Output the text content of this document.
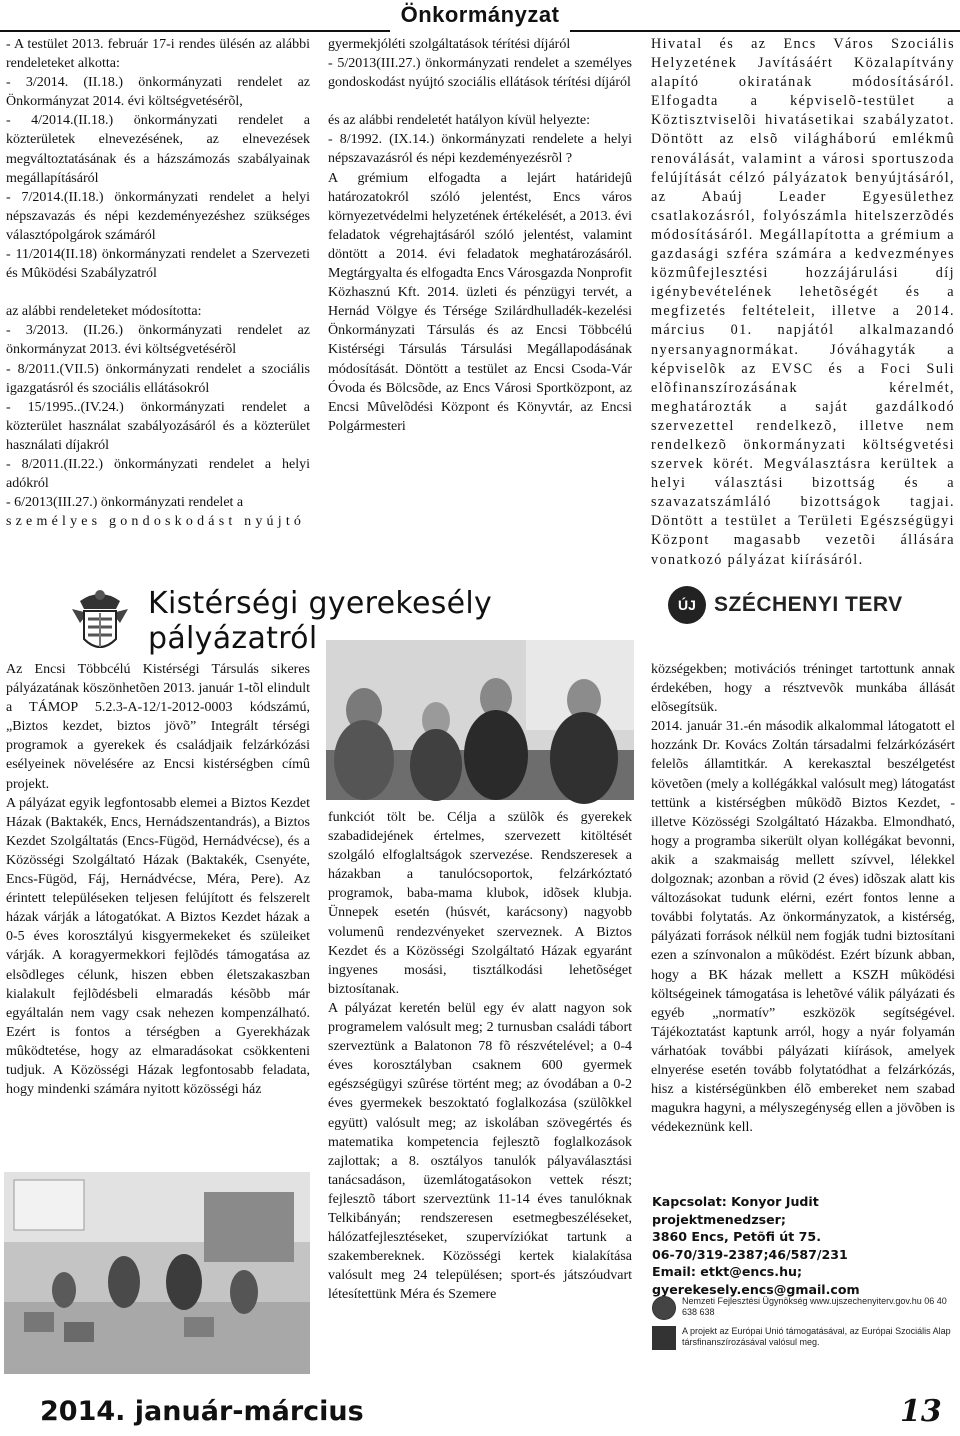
Önkormányzat

- A testület 2013. február 17-i rendes ülésén az alábbi rendeleteket alkotta:

- 3/2014. (II.18.) önkormányzati rendelet az Önkormányzat 2014. évi költségvetésérõl,

- 4/2014.(II.18.) önkormányzati rendelet a közterületek elnevezésének, az elnevezések megváltoztatásának és a házszámozás szabályainak megállapításáról

- 7/2014.(II.18.) önkormányzati rendelet a helyi népszavazás és népi kezdeményezéshez szükséges választópolgárok számáról

- 11/2014(II.18) önkormányzati rendelet a Szervezeti és Mûködési Szabályzatról

az alábbi rendeleteket módosította:

- 3/2013. (II.26.) önkormányzati rendelet az önkormányzat 2013. évi költségvetésérõl

- 8/2011.(VII.5) önkormányzati rendelet a szociális igazgatásról és szociális ellátásokról

- 15/1995..(IV.24.) önkormányzati rendelet a közterület használat szabályozásáról és a közterület használati díjakról

- 8/2011.(II.22.) önkormányzati rendelet a helyi adókról

- 6/2013(III.27.) önkormányzati rendelet a

személyes gondoskodást nyújtó

gyermekjóléti szolgáltatások térítési díjáról

- 5/2013(III.27.) önkormányzati rendelet a személyes gondoskodást nyújtó szociális ellátások térítési díjáról

és az alábbi rendeletét hatályon kívül helyezte:

- 8/1992. (IX.14.) önkormányzati rendelete a helyi népszavazásról és népi kezdeményezésrõl ?

A grémium elfogadta a lejárt határidejû határozatokról szóló jelentést, Encs város környezetvédelmi helyzetének értékelését, a 2013. évi feladatok végrehajtásáról szóló jelentést, valamint döntött a 2014. évi feladatok meghatározásáról. Megtárgyalta és elfogadta Encs Városgazda Nonprofit Közhasznú Kft. 2014. üzleti és pénzügyi tervét, a Hernád Völgye és Térsége Szilárdhulladék-kezelési Önkormányzati Társulás és az Encsi Többcélú Kistérségi Társulás Társulási Megállapodásának módosítását. Döntött a testület az Encsi Csoda-Vár Óvoda és Bölcsõde, az Encs Városi Sportközpont, az Encsi Mûvelõdési Központ és Könyvtár, az Encsi Polgármesteri

Hivatal és az Encs Város Szociális Helyzetének Javításáért Közalapítvány alapító okiratának módosításáról. Elfogadta a képviselõ-testület a Köztisztviselõi hivatásetikai szabályzatot. Döntött az elsõ világháború emlékmû renoválását, valamint a városi sportuszoda felújítását célzó pályázatok benyújtásáról, az Abaúj Leader Egyesülethez csatlakozásról, folyószámla hitelszerzõdés módosításáról. Megállapította a grémium a gazdasági szféra számára a kedvezményes közmûfejlesztési hozzájárulási díj igénybevételének lehetõségét és a megfizetés feltételeit, illetve a 2014. március 01. napjától alkalmazandó nyersanyagnormákat. Jóváhagyták a képviselõk az EVSC és a Foci Suli elõfinanszírozásának kérelmét, meghatározták a saját gazdálkodó szervezettel rendelkezõ, illetve nem rendelkezõ önkormányzati költségvetési szervek körét. Megválasztásra kerültek a helyi választási bizottság és a szavazatszámláló bizottságok tagjai. Döntött a testület a Területi Egészségügyi Központ magasabb vezetõi állására vonatkozó pályázat kiírásáról.

Kistérségi gyerekesély pályázatról
ÚJ SZÉCHENYI TERV

Az Encsi Többcélú Kistérségi Társulás sikeres pályázatának köszönhetõen 2013. január 1-tõl elindult a TÁMOP 5.2.3-A-12/1-2012-0003 kódszámú, „Biztos kezdet, biztos jövõ” Integrált térségi programok a gyerekek és családjaik felzárkózási esélyeinek növelésére az Encsi kistérségben címû projekt.

A pályázat egyik legfontosabb elemei a Biztos Kezdet Házak (Baktakék, Encs, Hernádszentandrás), a Biztos Kezdet Szolgáltatás (Encs-Fügöd, Hernádvécse), és a Közösségi Szolgáltató Házak (Baktakék, Csenyéte, Encs-Fügöd, Fáj, Hernádvécse, Méra, Pere). Az érintett településeken teljesen felújított és felszerelt házak várják a látogatókat. A Biztos Kezdet házak a 0-5 éves korosztályú kisgyermekeket és szüleiket várják. A koragyermekkori fejlõdés támogatása az elsõdleges célunk, hiszen ebben életszakaszban kialakult fejlõdésbeli elmaradás késõbb már egyáltalán nem vagy csak nehezen kompenzálható. Ezért is fontos a térségben a Gyerekházak mûködtetése, hogy az elmaradásokat csökkenteni tudjuk. A Közösségi Házak legfontosabb feladata, hogy mindenki számára nyitott közösségi ház

funkciót tölt be. Célja a szülõk és gyerekek szabadidejének értelmes, szervezett kitöltését szolgáló elfoglaltságok szervezése. Rendszeresek a házakban a tanulócsoportok, felzárkóztató programok, baba-mama klubok, idõsek klubja. Ünnepek esetén (húsvét, karácsony) nagyobb volumenû rendezvényeket szerveznek. A Biztos Kezdet és a Közösségi Szolgáltató Házak egyaránt ingyenes mosási, tisztálkodási lehetõséget biztosítanak.

A pályázat keretén belül egy év alatt nagyon sok programelem valósult meg; 2 turnusban családi tábort szerveztünk a Balatonon 78 fõ részvételével; a 0-4 éves korosztályban csaknem 600 gyermek egészségügyi szûrése történt meg; az óvodában a 0-2 éves gyermekek beszoktató foglalkozása (szülõkkel együtt) valósult meg; az iskolában szövegértés és matematika kompetencia fejlesztõ foglalkozások zajlottak; a 8. osztályos tanulók pályaválasztási tanácsadáson, üzemlátogatásokon vettek részt; fejlesztõ tábort szerveztünk 11-14 éves tanulóknak Telkibányán; rendszeresen esetmegbeszéléseket, hálózatfejlesztéseket, szupervíziókat tartunk a szakembereknek. Közösségi kertek kialakítása valósult meg 24 településen; sport-és játszóudvart létesítettünk Méra és Szemere

községekben; motivációs tréninget tartottunk annak érdekében, hogy a résztvevõk munkába állását elõsegítsük.

2014. január 31.-én második alkalommal látogatott el hozzánk Dr. Kovács Zoltán társadalmi felzárkózásért felelõs államtitkár. A kerekasztal beszélgetést követõen (mely a kollégákkal valósult meg) látogatást tettünk a kistérségben mûködõ Biztos Kezdet, - illetve Közösségi Szolgáltató Házakba. Elmondható, hogy a programba sikerült olyan kollégákat bevonni, akik a szakmaiság mellett szívvel, lélekkel dolgoznak; azonban a rövid (2 éves) idõszak alatt kis változásokat tudunk elérni, ezért fontos lenne a további folytatás. Az önkormányzatok, a kistérség, pályázati források nélkül nem fogják tudni biztosítani ezen a színvonalon a mûködést. Ezért bízunk abban, hogy a BK házak mellett a KSZH mûködési költségeinek támogatása is lehetõvé válik pályázati és egyéb „normatív” eszközök segítségével. Tájékoztatást kaptunk arról, hogy a nyár folyamán várhatóak további pályázati kiírások, amelyek elnyerése esetén tovább folytatódhat a felzárkózás, hisz a kistérségünkben élõ embereket nem szabad magukra hagyni, a mélyszegénység ellen a jövõben is védekeznünk kell.

Kapcsolat: Konyor Judit
projektmenedzser;
3860 Encs, Petõfi út 75.
06-70/319-2387;46/587/231
Email: etkt@encs.hu;
gyerekesely.encs@gmail.com
Nemzeti Fejlesztési Ügynökség www.ujszechenyiterv.gov.hu 06 40 638 638
A projekt az Európai Unió támogatásával, az Európai Szociális Alap társfinanszírozásával valósul meg.
2014. január-március	13
